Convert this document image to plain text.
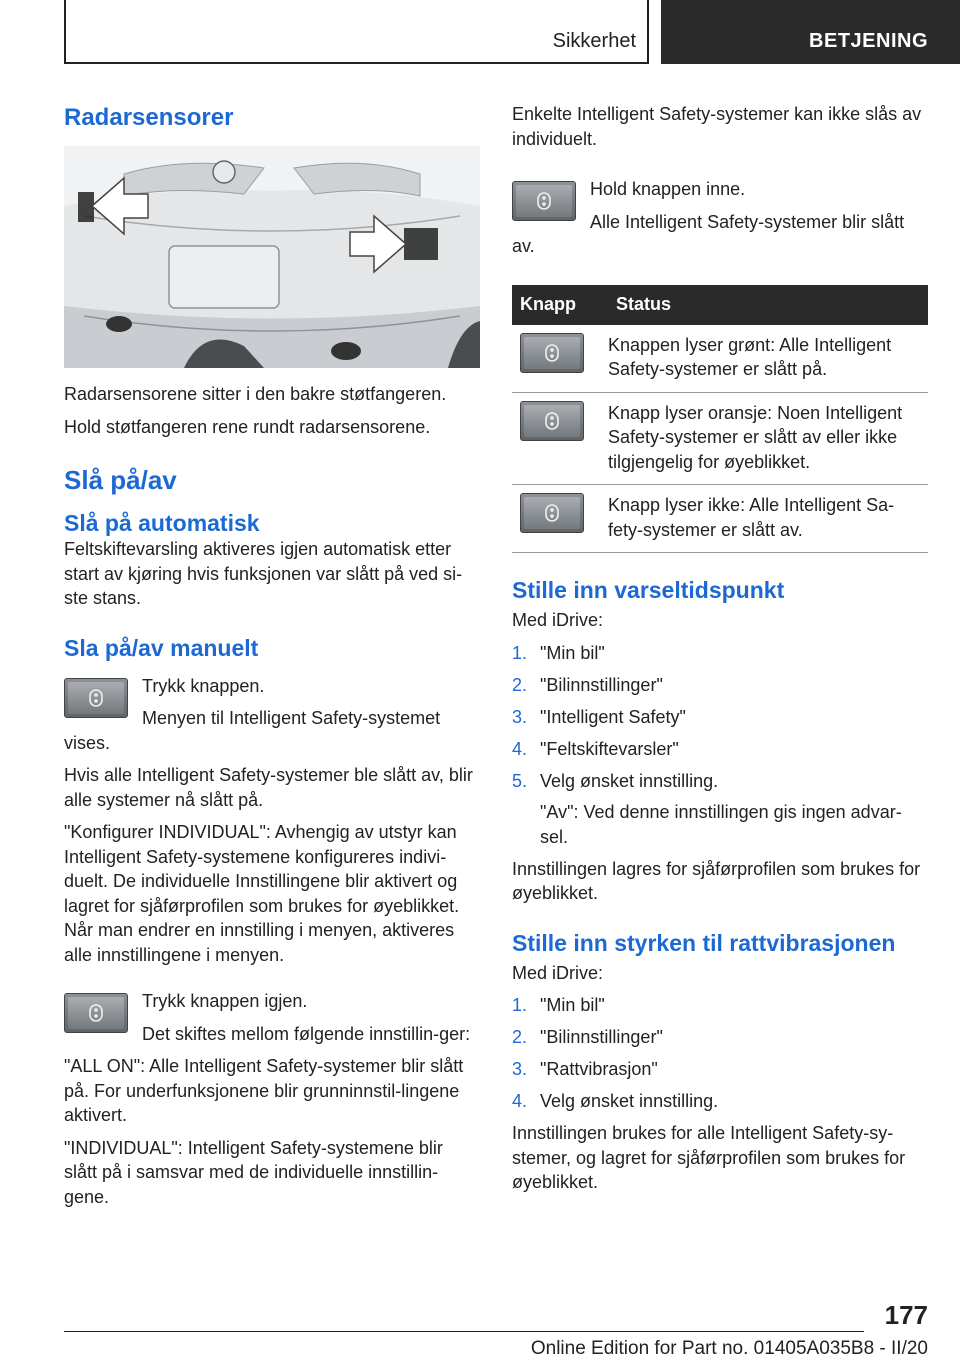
Sikkerhet	BETJENING
Radarsensorer

Radarsensorene sitter i den bakre støtfangeren.

Hold støtfangeren rene rundt radarsensorene.

Slå på/av
Slå på automatisk

Feltskiftevarsling aktiveres igjen automatisk etter start av kjøring hvis funksjonen var slått på ved si-ste stans.

Sla på/av manuelt

Trykk knappen.

Menyen til Intelligent Safety-systemet vises.

Hvis alle Intelligent Safety-systemer ble slått av, blir alle systemer nå slått på.

"Konfigurer INDIVIDUAL": Avhengig av utstyr kan Intelligent Safety-systemene konfigureres indivi-duelt. De individuelle Innstillingene blir aktivert og lagret for sjåførprofilen som brukes for øyeblikket. Når man endrer en innstilling i menyen, aktiveres alle innstillingene i menyen.

Trykk knappen igjen.

Det skiftes mellom følgende innstillin-ger:

"ALL ON": Alle Intelligent Safety-systemer blir slått på. For underfunksjonene blir grunninnstil-lingene aktivert.

"INDIVIDUAL": Intelligent Safety-systemene blir slått på i samsvar med de individuelle innstillin-gene.

Enkelte Intelligent Safety-systemer kan ikke slås av individuelt.

Hold knappen inne.

Alle Intelligent Safety-systemer blir slått av.

Knapp	Status

	Knappen lyser grønt: Alle Intelligent Safety-systemer er slått på.

	Knapp lyser oransje: Noen Intelligent Safety-systemer er slått av eller ikke tilgjengelig for øyeblikket.

	Knapp lyser ikke: Alle Intelligent Sa-fety-systemer er slått av.
Stille inn varseltidspunkt

Med iDrive:

1. "Min bil"
2. "Bilinnstillinger"
3. "Intelligent Safety"
4. "Feltskiftevarsler"
5. Velg ønsket innstilling.
"Av": Ved denne innstillingen gis ingen advar-sel.

Innstillingen lagres for sjåførprofilen som brukes for øyeblikket.

Stille inn styrken til rattvibrasjonen

Med iDrive:

1. "Min bil"
2. "Bilinnstillinger"
3. "Rattvibrasjon"
4. Velg ønsket innstilling.

Innstillingen brukes for alle Intelligent Safety-sy-stemer, og lagret for sjåførprofilen som brukes for øyeblikket.

177
Online Edition for Part no. 01405A035B8 - II/20
